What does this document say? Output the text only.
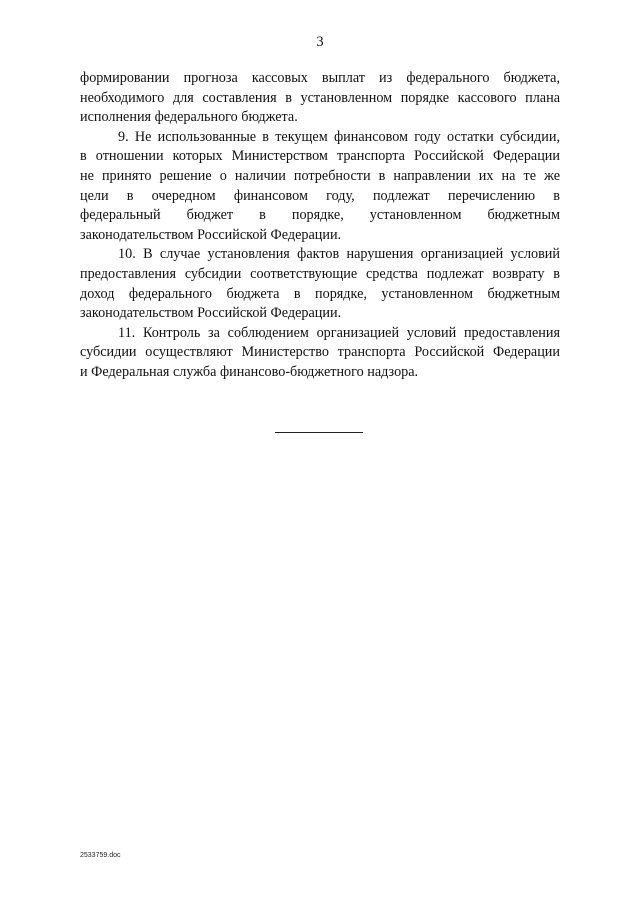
3
формировании прогноза кассовых выплат из федерального бюджета,
необходимого для составления в установленном порядке кассового плана
исполнения федерального бюджета.
9. Не использованные в текущем финансовом году остатки субсидии,
в отношении которых Министерством транспорта Российской Федерации
не принято решение о наличии потребности в направлении их на те же
цели в очередном финансовом году, подлежат перечислению в
федеральный бюджет в порядке, установленном бюджетным
законодательством Российской Федерации.
10. В случае установления фактов нарушения организацией условий
предоставления субсидии соответствующие средства подлежат возврату в
доход федерального бюджета в порядке, установленном бюджетным
законодательством Российской Федерации.
11. Контроль за соблюдением организацией условий предоставления
субсидии осуществляют Министерство транспорта Российской Федерации
и Федеральная служба финансово-бюджетного надзора.
2533759.doc
